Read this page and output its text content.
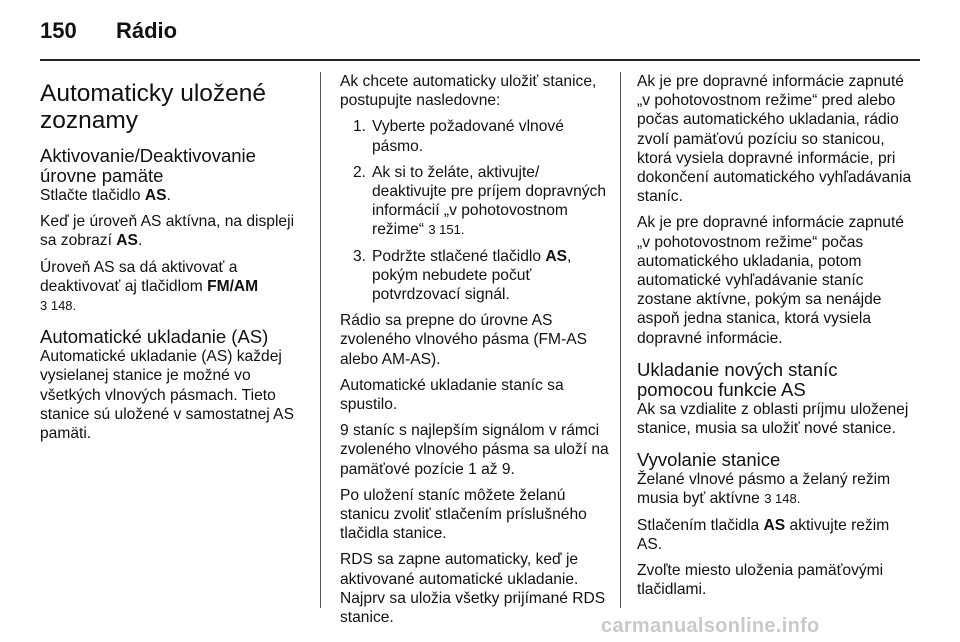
150	Rádio
Automaticky uložené zoznamy
Aktivovanie/Deaktivovanie úrovne pamäte

Stlačte tlačidlo AS.

Keď je úroveň AS aktívna, na displeji sa zobrazí AS.

Úroveň AS sa dá aktivovať a deaktivovať aj tlačidlom FM/AM
3 148.

Automatické ukladanie (AS)

Automatické ukladanie (AS) každej vysielanej stanice je možné vo všetkých vlnových pásmach. Tieto stanice sú uložené v samostatnej AS pamäti.

Ak chcete automaticky uložiť stanice, postupujte nasledovne:

1. Vyberte požadované vlnové pásmo.
2. Ak si to želáte, aktivujte/ deaktivujte pre príjem dopravných informácií „v pohotovostnom režime“ 3 151.
3. Podržte stlačené tlačidlo AS, pokým nebudete počuť potvrdzovací signál.

Rádio sa prepne do úrovne AS zvoleného vlnového pásma (FM-AS alebo AM-AS).

Automatické ukladanie staníc sa spustilo.

9 staníc s najlepším signálom v rámci zvoleného vlnového pásma sa uloží na pamäťové pozície 1 až 9.

Po uložení staníc môžete želanú stanicu zvoliť stlačením príslušného tlačidla stanice.

RDS sa zapne automaticky, keď je aktivované automatické ukladanie. Najprv sa uložia všetky prijímané RDS stanice.

Ak je pre dopravné informácie zapnuté „v pohotovostnom režime“ pred alebo počas automatického ukladania, rádio zvolí pamäťovú pozíciu so stanicou, ktorá vysiela dopravné informácie, pri dokončení automatického vyhľadávania staníc.

Ak je pre dopravné informácie zapnuté „v pohotovostnom režime“ počas automatického ukladania, potom automatické vyhľadávanie staníc zostane aktívne, pokým sa nenájde aspoň jedna stanica, ktorá vysiela dopravné informácie.

Ukladanie nových staníc pomocou funkcie AS

Ak sa vzdialite z oblasti príjmu uloženej stanice, musia sa uložiť nové stanice.

Vyvolanie stanice

Želané vlnové pásmo a želaný režim musia byť aktívne 3 148.

Stlačením tlačidla AS aktivujte režim AS.

Zvoľte miesto uloženia pamäťovými tlačidlami.

carmanualsonline.info
